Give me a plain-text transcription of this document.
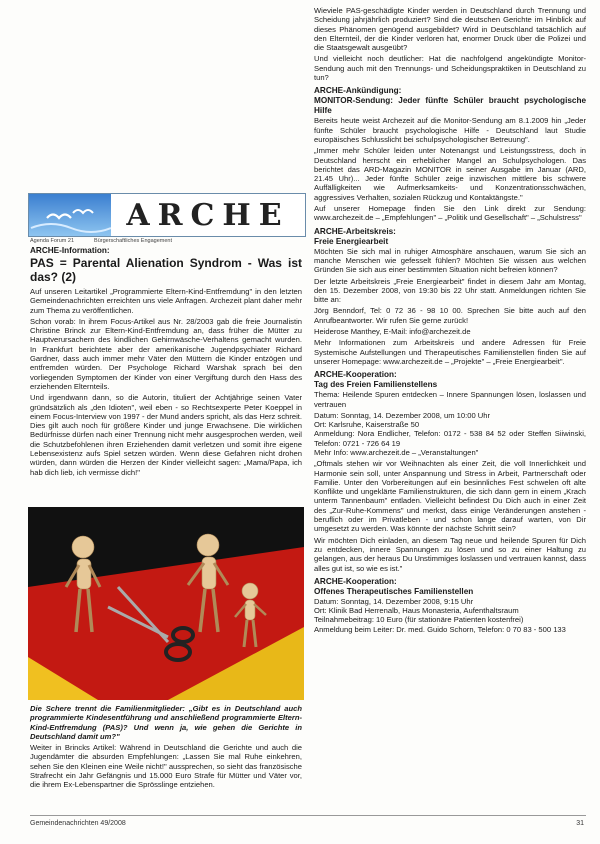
ARCHE
Agenda Forum 21	Bürgerschaftliches Engagement
ARCHE-Information:
PAS = Parental Alienation Syndrom - Was ist das? (2)

Auf unseren Leitartikel „Programmierte Eltern-Kind-Entfremdung" in den letzten Gemeindenachrichten erreichten uns viele Anfragen. Archezeit plant daher mehr zum Thema zu veröffentlichen.

Schon vorab: In ihrem Focus-Artikel aus Nr. 28/2003 gab die freie Journalistin Christine Brinck zur Eltern-Kind-Entfremdung an, dass früher die Mütter zu Hauptverursachern des kindlichen Gehirnwäsche-Verhaltens gemacht wurden. In Frankfurt berichtete aber der amerikanische Jugendpsychiater Richard Gardner, dass auch immer mehr Väter den Müttern die Kinder entzögen und entfremden würden. Der Psychologe Richard Warshak sprach bei den vorliegenden Symptomen der Kinder von einer Vergiftung durch den Hass des erziehenden Elternteils.

Und irgendwann dann, so die Autorin, tituliert der Achtjährige seinen Vater gründsätzlich als „den Idioten", weil eben - so Rechtsexperte Peter Koeppel in einem Focus-Interview von 1997 - der Mund anders spricht, als das Herz schreit. Dies gilt auch noch für größere Kinder und junge Erwachsene. Die wirklichen Bedürfnisse dürfen nach einer Trennung nicht mehr ausgesprochen werden, weil die Schutzbefohlenen ihren Erziehenden damit verletzen und somit ihre eigene Lebensexistenz aufs Spiel setzen würden. Wenn diese Gefahren nicht drohen würden, dann würden die Herzen der Kinder vielleicht sagen: „Mama/Papa, ich hab dich lieb, ich vermisse dich!"

Die Schere trennt die Familienmitglieder: „Gibt es in Deutschland auch programmierte Kindesentführung und anschließend programmierte Eltern-Kind-Entfremdung (PAS)? Und wenn ja, wie gehen die Gerichte in Deutschland damit um?"

Weiter in Brincks Artikel: Während in Deutschland die Gerichte und auch die Jugendämter die absurden Empfehlungen: „Lassen Sie mal Ruhe einkehren, sehen Sie den Kleinen eine Weile nicht!" aussprechen, so sieht das französische Strafrecht ein Jahr Gefängnis und 15.000 Euro Strafe für Mütter und Väter vor, die ihrem Ex-Lebenspartner die Sprösslinge entziehen.

Wieviele PAS-geschädigte Kinder werden in Deutschland durch Trennung und Scheidung jahrjährlich produziert? Sind die deutschen Gerichte im Hinblick auf dieses Phänomen genügend ausgebildet? Wird in Deutschland tatsächlich auf den Elternteil, der die Kinder verloren hat, enormer Druck über die Polizei und die Staatsgewalt ausgeübt?

Und vielleicht noch deutlicher: Hat die nachfolgend angekündigte Monitor-Sendung auch mit den Trennungs- und Scheidungspraktiken in Deutschland zu tun?

ARCHE-Ankündigung:
MONITOR-Sendung: Jeder fünfte Schüler braucht psychologische Hilfe

Bereits heute weist Archezeit auf die Monitor-Sendung am 8.1.2009 hin „Jeder fünfte Schüler braucht psychologische Hilfe - Deutschland laut Studie europäisches Schlusslicht bei schulpsychologischer Betreuung".

„Immer mehr Schüler leiden unter Notenangst und Leistungsstress, doch in Deutschland herrscht ein erheblicher Mangel an Schulpsychologen. Das berichtet das ARD-Magazin MONITOR in seiner Ausgabe im Januar (ARD, 21.45 Uhr)... Jeder fünfte Schüler zeige inzwischen mittlere bis schwere Auffälligkeiten wie Aufmerksamkeits- und Konzentrationsschwächen, aggressives Verhalten, sozialen Rückzug und Kontaktängste."

Auf unserer Homepage finden Sie den Link direkt zur Sendung: www.archezeit.de – „Empfehlungen" – „Politik und Gesellschaft" – „Schulstress"

ARCHE-Arbeitskreis:
Freie Energiearbeit

Möchten Sie sich mal in ruhiger Atmosphäre anschauen, warum Sie sich an manche Menschen wie gefesselt fühlen? Möchten Sie wissen aus welchen Gründen Sie sich aus einer bestimmten Situation nicht befreien können?

Der letzte Arbeitskreis „Freie Energiearbeit" findet in diesem Jahr am Montag, den 15. Dezember 2008, von 19:30 bis 22 Uhr statt. Anmeldungen richten Sie bitte an:

Jörg Benndorf, Tel: 0 72 36 - 98 10 00. Sprechen Sie bitte auch auf den Anrufbeantworter. Wir rufen Sie gerne zurück!

Heiderose Manthey, E-Mail: info@archezeit.de

Mehr Informationen zum Arbeitskreis und andere Adressen für Freie Systemische Aufstellungen und Therapeutisches Familienstellen finden Sie auf unserer Homepage: www.archezeit.de – „Projekte" – „Freie Energiearbeit".

ARCHE-Kooperation:
Tag des Freien Familienstellens

Thema: Heilende Spuren entdecken – Innere Spannungen lösen, loslassen und vertrauen

Datum: Sonntag, 14. Dezember 2008, um 10:00 Uhr

Ort: Karlsruhe, Kaiserstraße 50

Anmeldung: Nora Endlicher, Telefon: 0172 - 538 84 52 oder Steffen Siiwinski, Telefon: 0721 - 726 64 19

Mehr Info: www.archezeit.de – „Veranstaltungen"

„Oftmals stehen wir vor Weihnachten als einer Zeit, die voll Innerlichkeit und Harmonie sein soll, unter Anspannung und Stress in Arbeit, Partnerschaft oder Familie. Unter den Vorbereitungen auf ein besinnliches Fest schwelen oft alte Konflikte und ungeklärte Familienstrukturen, die sich dann gern in einem „Krach unterm Tannenbaum" entladen. Vielleicht befindest Du Dich auch in einer Zeit des „Zur-Ruhe-Kommens" und merkst, dass einige Veränderungen anstehen - beruflich oder im Privatleben - und schon lange darauf warten, von Dir umgesetzt zu werden. Was könnte der nächste Schritt sein?

Wir möchten Dich einladen, an diesem Tag neue und heilende Spuren für Dich zu entdecken, innere Spannungen zu lösen und so zu einer Haltung zu gelangen, aus der heraus Du Unstimmiges loslassen und vertrauen kannst, dass alles gut ist, so wie es ist."

ARCHE-Kooperation:
Offenes Therapeutisches Familienstellen

Datum: Sonntag, 14. Dezember 2008, 9:15 Uhr

Ort: Klinik Bad Herrenalb, Haus Monasteria, Aufenthaltsraum

Teilnahmebeitrag: 10 Euro (für stationäre Patienten kostenfrei)

Anmeldung beim Leiter: Dr. med. Guido Schorn, Telefon: 0 70 83 - 500 133

Gemeindenachrichten 49/2008	31
